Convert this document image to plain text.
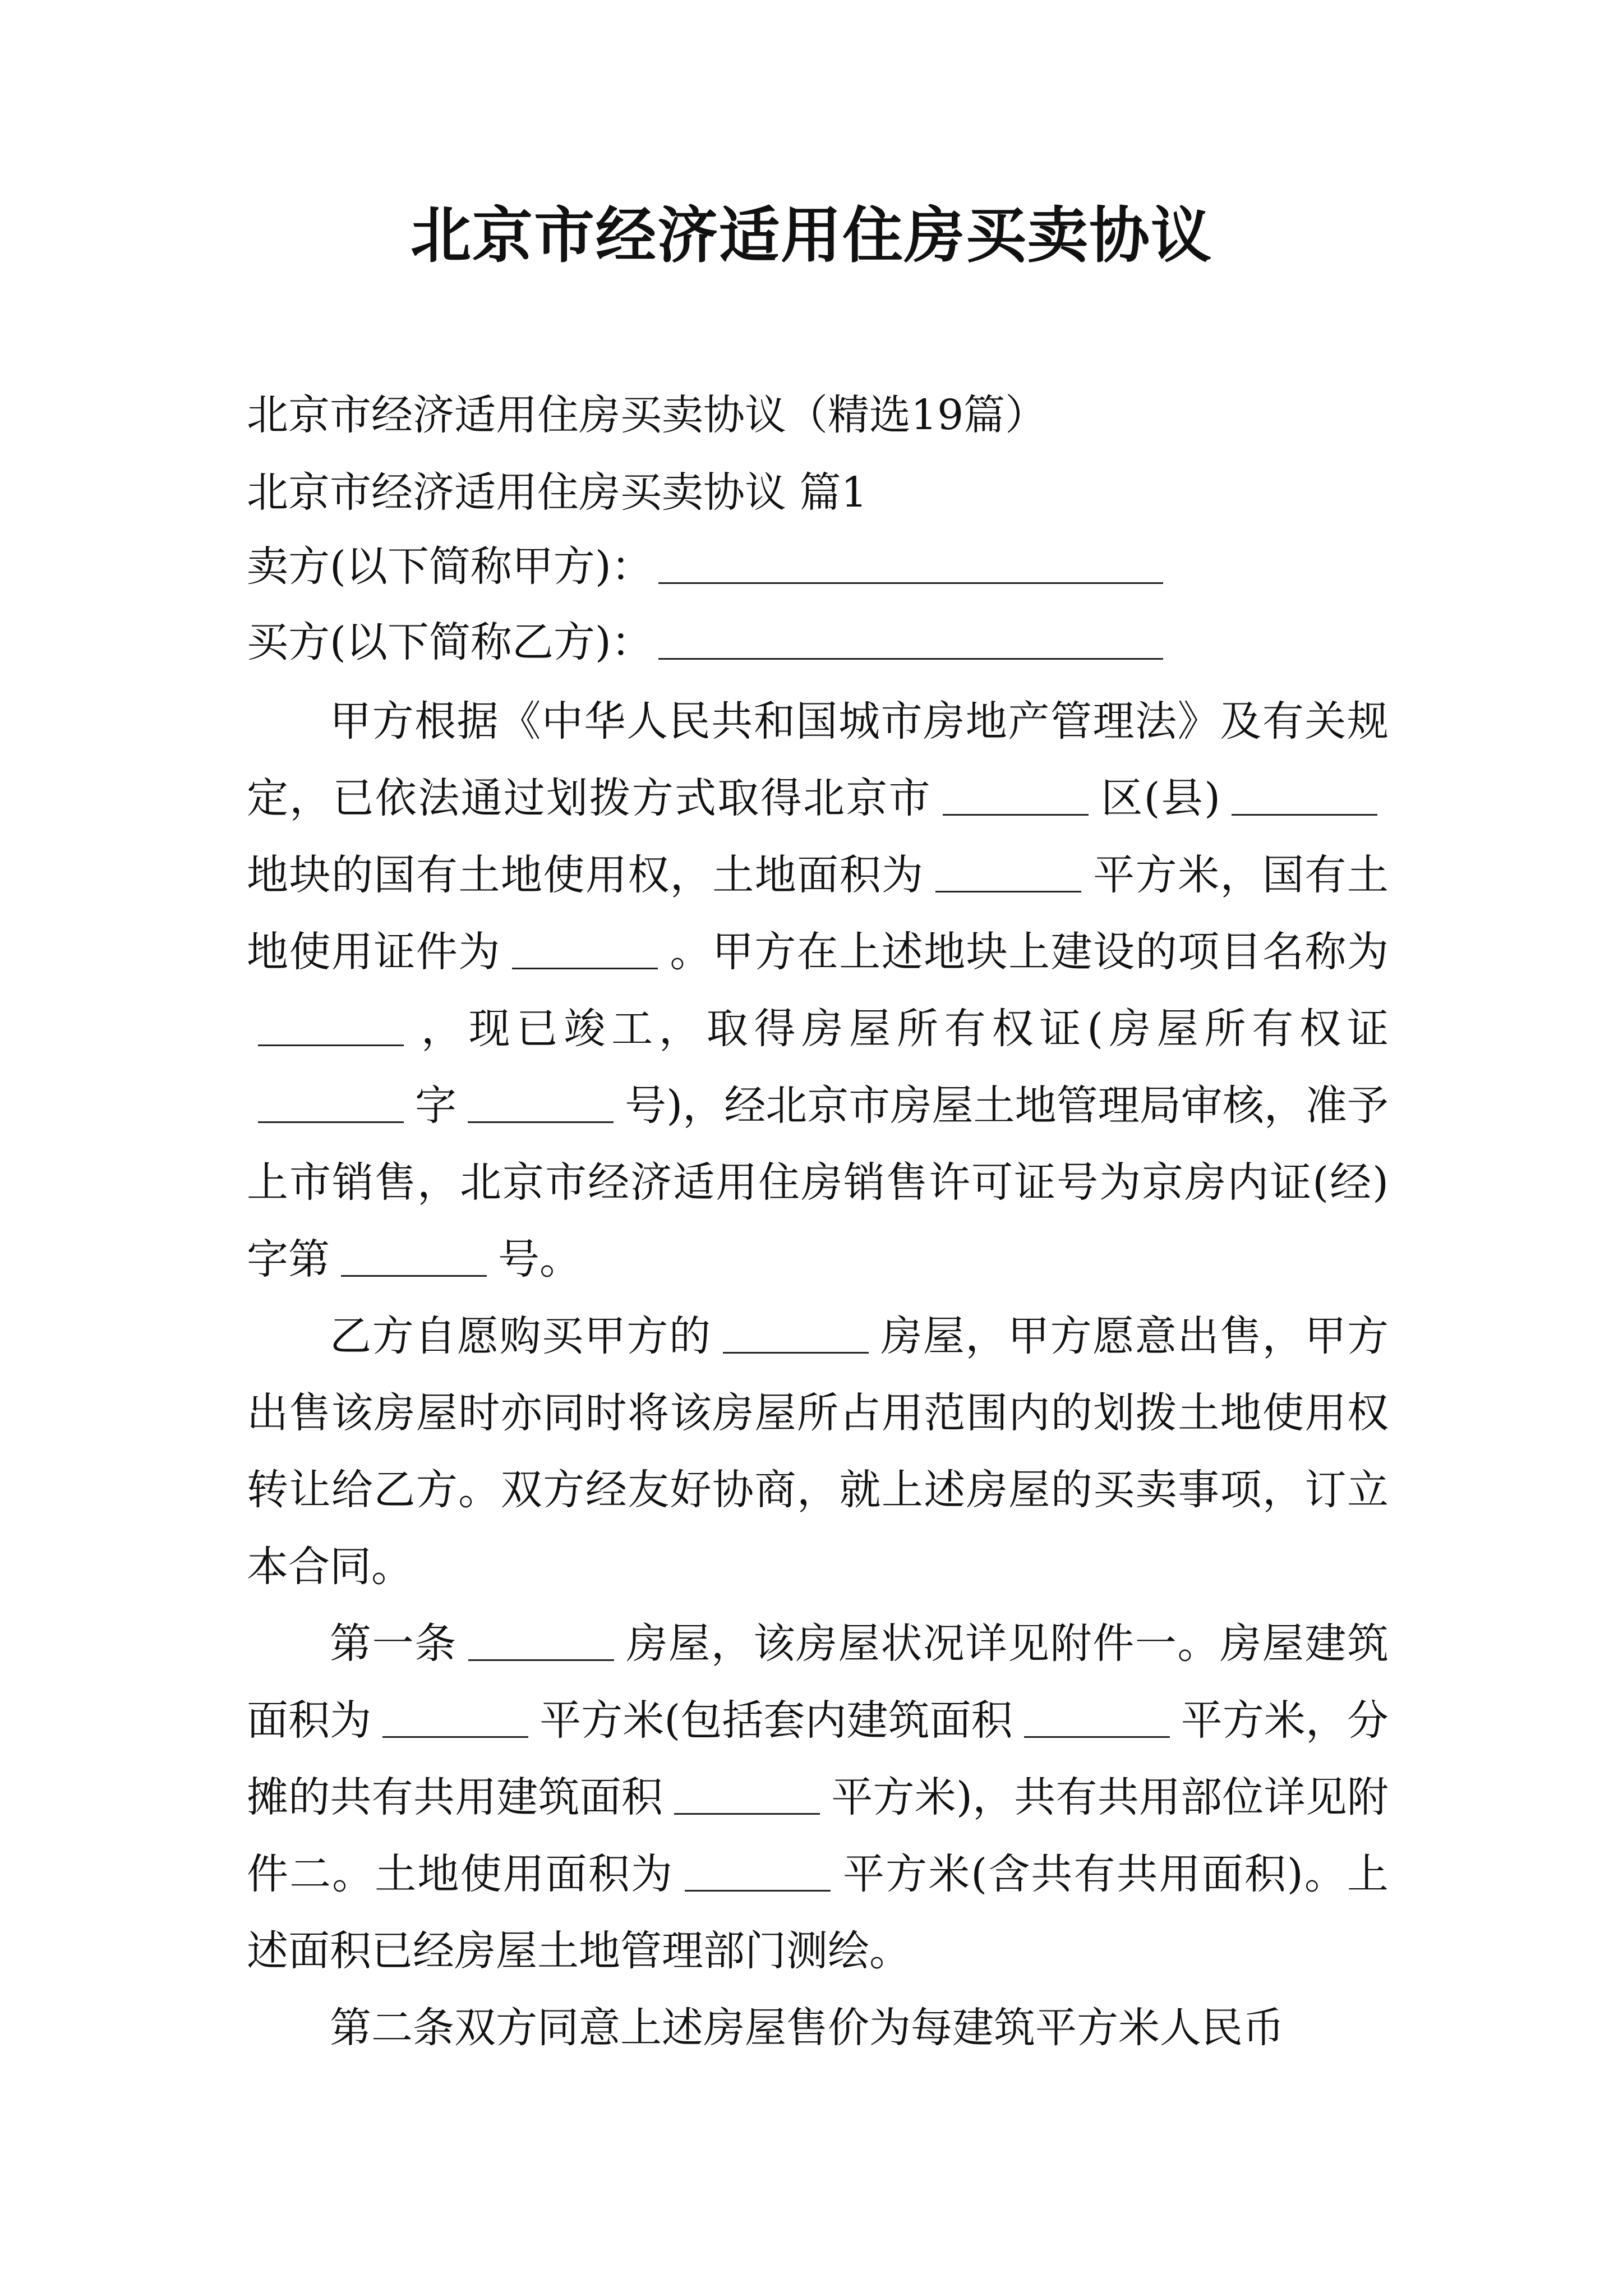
北京市经济适用住房买卖协议

北京市经济适用住房买卖协议（精选19篇）

北京市经济适用住房买卖协议 篇1

卖方(以下简称甲方)：

买方(以下简称乙方)：

甲方根据《中华人民共和国城市房地产管理法》及有关规定，已依法通过划拨方式取得北京市	区(县)地块的国有土地使用权，土地面积为	平方米，国有土地使用证件为	。甲方在上述地块上建设的项目名称为，现已竣工，取得房屋所有权证(房屋所有权证字	号)，经北京市房屋土地管理局审核，准予上市销售，北京市经济适用住房销售许可证号为京房内证(经)字第	号。

乙方自愿购买甲方的	房屋，甲方愿意出售，甲方出售该房屋时亦同时将该房屋所占用范围内的划拨土地使用权转让给乙方。双方经友好协商，就上述房屋的买卖事项，订立本合同。

第一条	房屋，该房屋状况详见附件一。房屋建筑面积为	平方米(包括套内建筑面积	平方米，分摊的共有共用建筑面积	平方米)，共有共用部位详见附件二。土地使用面积为	平方米(含共有共用面积)。上述面积已经房屋土地管理部门测绘。

第二条双方同意上述房屋售价为每建筑平方米人民币
